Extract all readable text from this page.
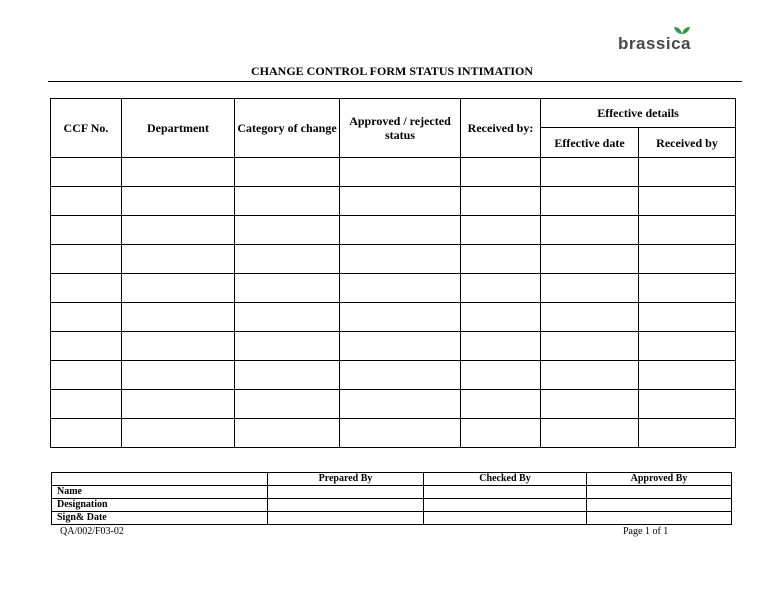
brassica
CHANGE CONTROL FORM STATUS INTIMATION
CCF No.	Department	Category of change	Approved / rejected status	Received by:	Effective details	
					Effective date	Received by

	Prepared By	Checked By	Approved By
Name			
Designation			
Sign& Date			
QA/002/F03-02	Page 1 of 1
